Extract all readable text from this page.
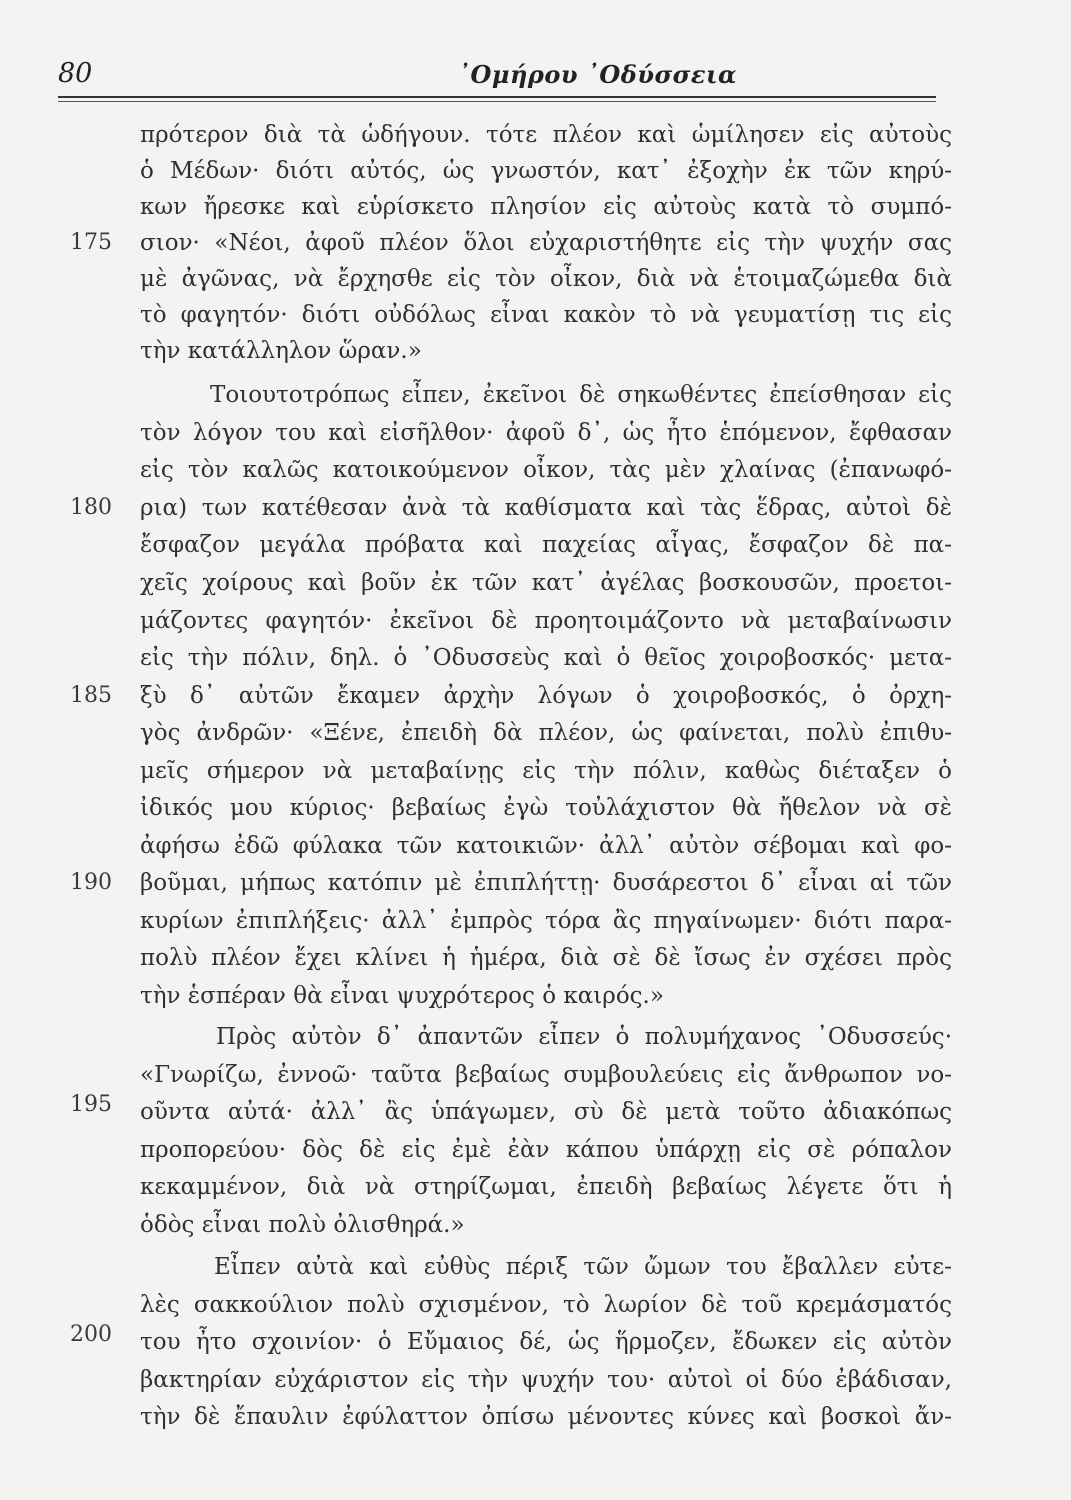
80	᾽Ομήρου ᾽Οδύσσεια
πρότερον διὰ τὰ ὡδήγουν. τότε πλέον καὶ ὡμίλησεν εἰς αὐτοὺς
ὁ Μέδων· διότι αὐτός, ὡς γνωστόν, κατ᾽ ἐξοχὴν ἐκ τῶν κηρύ-
κων ἤρεσκε καὶ εὑρίσκετο πλησίον εἰς αὐτοὺς κατὰ τὸ συμπό-
σιον· «Νέοι, ἀφοῦ πλέον ὅλοι εὐχαριστήθητε εἰς τὴν ψυχήν σας
μὲ ἀγῶνας, νὰ ἔρχησθε εἰς τὸν οἶκον, διὰ νὰ ἑτοιμαζώμεθα διὰ
τὸ φαγητόν· διότι οὐδόλως εἶναι κακὸν τὸ νὰ γευματίσῃ τις εἰς
τὴν κατάλληλον ὥραν.»
Τοιουτοτρόπως εἶπεν, ἐκεῖνοι δὲ σηκωθέντες ἐπείσθησαν εἰς
τὸν λόγον του καὶ εἰσῆλθον· ἀφοῦ δ᾽, ὡς ἦτο ἑπόμενον, ἔφθασαν
εἰς τὸν καλῶς κατοικούμενον οἶκον, τὰς μὲν χλαίνας (ἐπανωφό-
ρια) των κατέθεσαν ἀνὰ τὰ καθίσματα καὶ τὰς ἕδρας, αὐτοὶ δὲ
ἔσφαζον μεγάλα πρόβατα καὶ παχείας αἶγας, ἔσφαζον δὲ πα-
χεῖς χοίρους καὶ βοῦν ἐκ τῶν κατ᾽ ἀγέλας βοσκουσῶν, προετοι-
μάζοντες φαγητόν· ἐκεῖνοι δὲ προητοιμάζοντο νὰ μεταβαίνωσιν
εἰς τὴν πόλιν, δηλ. ὁ ᾽Οδυσσεὺς καὶ ὁ θεῖος χοιροβοσκός· μετα-
ξὺ δ᾽ αὐτῶν ἔκαμεν ἀρχὴν λόγων ὁ χοιροβοσκός, ὁ ὀρχη-
γὸς ἀνδρῶν· «Ξένε, ἐπειδὴ δὰ πλέον, ὡς φαίνεται, πολὺ ἐπιθυ-
μεῖς σήμερον νὰ μεταβαίνῃς εἰς τὴν πόλιν, καθὼς διέταξεν ὁ
ἰδικός μου κύριος· βεβαίως ἐγὼ τοὐλάχιστον θὰ ἤθελον νὰ σὲ
ἀφήσω ἐδῶ φύλακα τῶν κατοικιῶν· ἀλλ᾽ αὐτὸν σέβομαι καὶ φο-
βοῦμαι, μήπως κατόπιν μὲ ἐπιπλήττῃ· δυσάρεστοι δ᾽ εἶναι αἱ τῶν
κυρίων ἐπιπλήξεις· ἀλλ᾽ ἐμπρὸς τόρα ἂς πηγαίνωμεν· διότι παρα-
πολὺ πλέον ἔχει κλίνει ἡ ἡμέρα, διὰ σὲ δὲ ἴσως ἐν σχέσει πρὸς
τὴν ἑσπέραν θὰ εἶναι ψυχρότερος ὁ καιρός.»
Πρὸς αὐτὸν δ᾽ ἀπαντῶν εἶπεν ὁ πολυμήχανος ᾽Οδυσσεύς·
«Γνωρίζω, ἐννοῶ· ταῦτα βεβαίως συμβουλεύεις εἰς ἄνθρωπον νο-
οῦντα αὐτά· ἀλλ᾽ ἂς ὑπάγωμεν, σὺ δὲ μετὰ τοῦτο ἀδιακόπως
προπορεύου· δὸς δὲ εἰς ἐμὲ ἐὰν κάπου ὑπάρχῃ εἰς σὲ ρόπαλον
κεκαμμένον, διὰ νὰ στηρίζωμαι, ἐπειδὴ βεβαίως λέγετε ὅτι ἡ
ὁδὸς εἶναι πολὺ ὀλισθηρά.»
Εἶπεν αὐτὰ καὶ εὐθὺς πέριξ τῶν ὤμων του ἔβαλλεν εὐτε-
λὲς σακκούλιον πολὺ σχισμένον, τὸ λωρίον δὲ τοῦ κρεμάσματός
του ἦτο σχοινίον· ὁ Εὔμαιος δέ, ὡς ἥρμοζεν, ἔδωκεν εἰς αὐτὸν
βακτηρίαν εὐχάριστον εἰς τὴν ψυχήν του· αὐτοὶ οἱ δύο ἐβάδισαν,
τὴν δὲ ἔπαυλιν ἐφύλαττον ὀπίσω μένοντες κύνες καὶ βοσκοὶ ἄν-
175
180
185
190
195
200
